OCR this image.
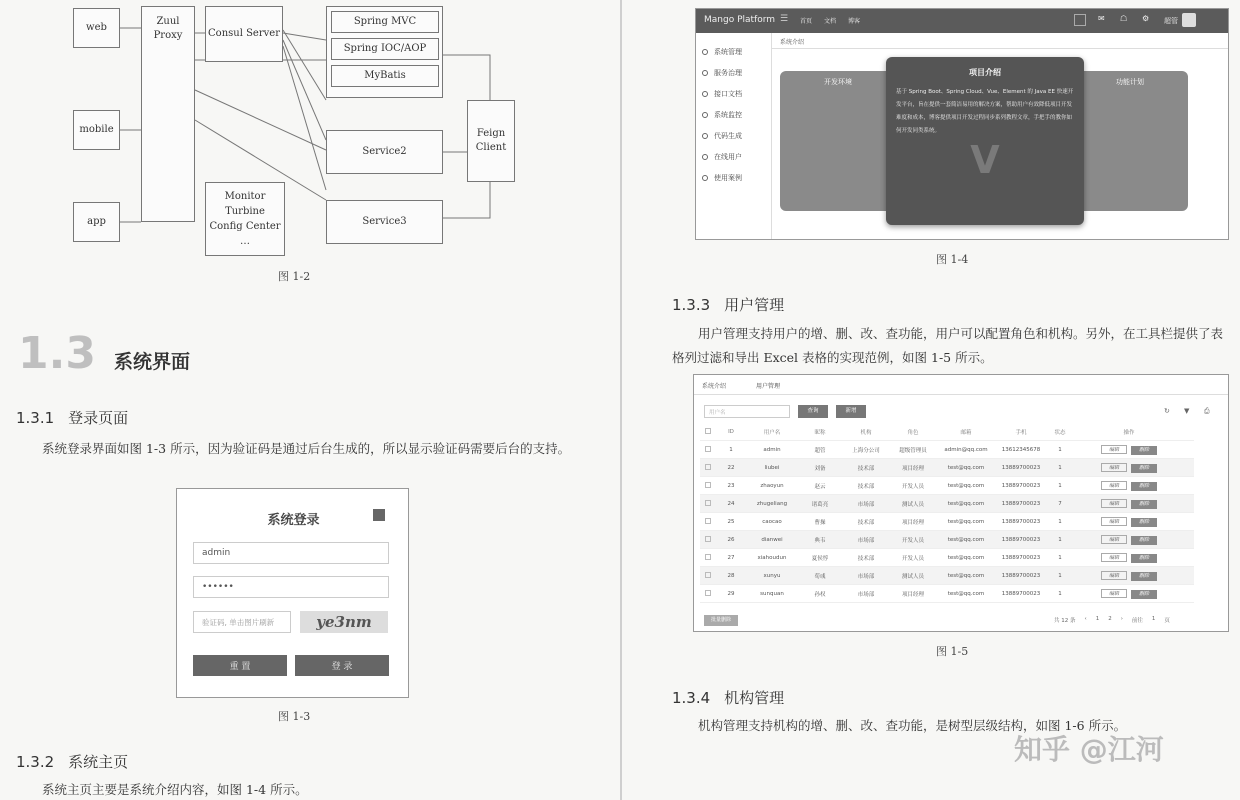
web
mobile
app
Zuul
Proxy	Consul Server
Monitor
Turbine
Config Center
…
Spring MVC
Spring IOC/AOP
MyBatis
Service2
Service3
Feign
Client
图 1-2
1.3 系统界面
1.3.1 登录页面
系统登录界面如图 1-3 所示，因为验证码是通过后台生成的，所以显示验证码需要后台的支持。
系统登录
admin
••••••
验证码, 单击图片刷新	ye3nm
重 置	登 录
图 1-3
1.3.2 系统主页
系统主页主要是系统介绍内容，如图 1-4 所示。
Mango Platform ☰ 首页 文档 博客	✉ ☖ ⚙ 超管
系统管理
服务治理
接口文档
系统监控
代码生成
在线用户
使用案例
系统介绍
开发环境	功能计划
项目介绍
基于 Spring Boot、Spring Cloud、Vue、Element 的 Java EE 快速开发平台，旨在提供一套简洁易用的解决方案，帮助用户有效降低项目开发难度和成本，博客提供项目开发过程同步系列教程文章，手把手的教你如何开发同类系统。
V
图 1-4
1.3.3 用户管理
用户管理支持用户的增、删、改、查功能，用户可以配置角色和机构。另外，在工具栏提供了表格列过滤和导出 Excel 表格的实现范例，如图 1-5 所示。
系统介绍	用户管理
用户名	查询	新增	↻ ▼ ⎙
ID	用户名	昵称	机构	角色	邮箱	手机	状态	操作
1	admin	超管	上海分公司	超级管理员	admin@qq.com	13612345678	1	编辑	删除
22	liubei	刘备	技术部	项目经理	test@qq.com	13889700023	1	编辑	删除
23	zhaoyun	赵云	技术部	开发人员	test@qq.com	13889700023	1	编辑	删除
24	zhugeliang	诸葛亮	市场部	测试人员	test@qq.com	13889700023	7	编辑	删除
25	caocao	曹操	技术部	项目经理	test@qq.com	13889700023	1	编辑	删除
26	dianwei	典韦	市场部	开发人员	test@qq.com	13889700023	1	编辑	删除
27	xiahoudun	夏侯惇	技术部	开发人员	test@qq.com	13889700023	1	编辑	删除
28	xunyu	荀彧	市场部	测试人员	test@qq.com	13889700023	1	编辑	删除
29	sunquan	孙权	市场部	项目经理	test@qq.com	13889700023	1	编辑	删除
批量删除	共 12 条 ‹ 1 2 › 前往 1 页
图 1-5
1.3.4 机构管理
机构管理支持机构的增、删、改、查功能，是树型层级结构，如图 1-6 所示。
知乎 @江河
